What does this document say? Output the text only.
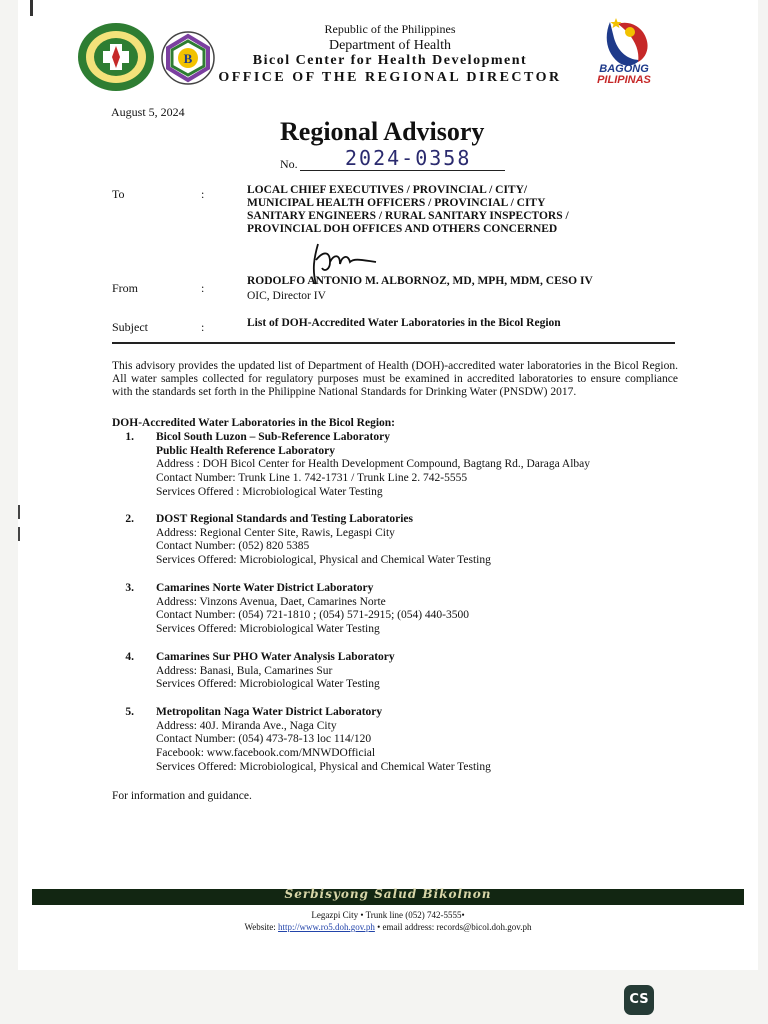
B
Republic of the Philippines
Department of Health
Bicol Center for Health Development
OFFICE OF THE REGIONAL DIRECTOR
BAGONG
PILIPINAS
August 5, 2024
Regional Advisory
No. 2024-0358
To	:	LOCAL CHIEF EXECUTIVES / PROVINCIAL / CITY/
MUNICIPAL HEALTH OFFICERS / PROVINCIAL / CITY
SANITARY ENGINEERS / RURAL SANITARY INSPECTORS /
PROVINCIAL DOH OFFICES AND OTHERS CONCERNED
From	:	RODOLFO ANTONIO M. ALBORNOZ, MD, MPH, MDM, CESO IV
OIC, Director IV
Subject	:	List of DOH-Accredited Water Laboratories in the Bicol Region
This advisory provides the updated list of Department of Health (DOH)-accredited water laboratories in the Bicol Region. All water samples collected for regulatory purposes must be examined in accredited laboratories to ensure compliance with the standards set forth in the Philippine National Standards for Drinking Water (PNSDW) 2017.
DOH-Accredited Water Laboratories in the Bicol Region:
1. Bicol South Luzon – Sub-Reference Laboratory
Public Health Reference Laboratory
Address : DOH Bicol Center for Health Development Compound, Bagtang Rd., Daraga Albay
Contact Number: Trunk Line 1. 742-1731 / Trunk Line 2. 742-5555
Services Offered : Microbiological Water Testing
2. DOST Regional Standards and Testing Laboratories
Address: Regional Center Site, Rawis, Legaspi City
Contact Number: (052) 820 5385
Services Offered: Microbiological, Physical and Chemical Water Testing
3. Camarines Norte Water District Laboratory
Address: Vinzons Avenua, Daet, Camarines Norte
Contact Number: (054) 721-1810 ; (054) 571-2915; (054) 440-3500
Services Offered: Microbiological Water Testing
4. Camarines Sur PHO Water Analysis Laboratory
Address: Banasi, Bula, Camarines Sur
Services Offered: Microbiological Water Testing
5. Metropolitan Naga Water District Laboratory
Address: 40J. Miranda Ave., Naga City
Contact Number: (054) 473-78-13 loc 114/120
Facebook: www.facebook.com/MNWDOfficial
Services Offered: Microbiological, Physical and Chemical Water Testing
For information and guidance.
Serbisyong Salud Bikolnon
Legazpi City • Trunk line (052) 742-5555•
Website: http://www.ro5.doh.gov.ph • email address: records@bicol.doh.gov.ph
CS
